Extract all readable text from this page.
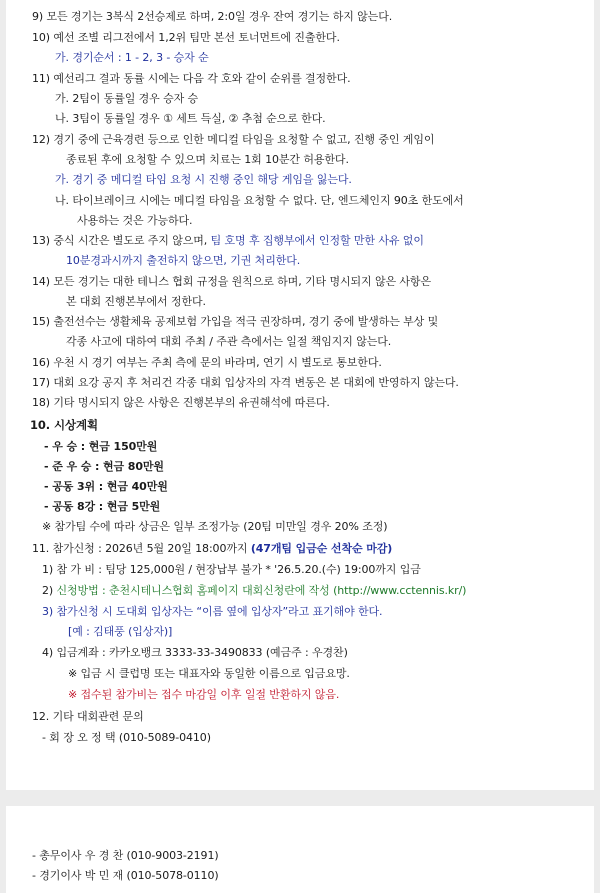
9) 모든 경기는 3복식 2선승제로 하며, 2:0일 경우 잔여 경기는 하지 않는다.
10) 예선 조별 리그전에서 1,2위 팀만 본선 토너먼트에 진출한다.
가. 경기순서 : 1 - 2, 3 - 승자 순
11) 예선리그 결과 동률 시에는 다음 각 호와 같이 순위를 결정한다.
가. 2팀이 동률일 경우 승자 승
나. 3팀이 동률일 경우 ① 세트 득실, ② 추첨 순으로 한다.
12) 경기 중에 근육경련 등으로 인한 메디컬 타임을 요청할 수 없고, 진행 중인 게임이
종료된 후에 요청할 수 있으며 치료는 1회 10분간 허용한다.
가. 경기 중 메디컬 타임 요청 시 진행 중인 해당 게임을 잃는다.
나. 타이브레이크 시에는 메디컬 타임을 요청할 수 없다. 단, 엔드체인지 90초 한도에서
사용하는 것은 가능하다.
13) 중식 시간은 별도로 주지 않으며, 팀 호명 후 집행부에서 인정할 만한 사유 없이
10분경과시까지 출전하지 않으면, 기권 처리한다.
14) 모든 경기는 대한 테니스 협회 규정을 원칙으로 하며, 기타 명시되지 않은 사항은
본 대회 진행본부에서 정한다.
15) 출전선수는 생활체육 공제보험 가입을 적극 권장하며, 경기 중에 발생하는 부상 및
각종 사고에 대하여 대회 주최 / 주관 측에서는 일절 책임지지 않는다.
16) 우천 시 경기 여부는 주최 측에 문의 바라며, 연기 시 별도로 통보한다.
17) 대회 요강 공지 후 처리건 각종 대회 입상자의 자격 변동은 본 대회에 반영하지 않는다.
18) 기타 명시되지 않은 사항은 진행본부의 유권해석에 따른다.
10. 시상계획
- 우 승 : 현금 150만원
- 준 우 승 : 현금 80만원
- 공동 3위 : 현금 40만원
- 공동 8강 : 현금 5만원
※ 참가팀 수에 따라 상금은 일부 조정가능 (20팀 미만일 경우 20% 조정)
11. 참가신청 : 2026년 5월 20일 18:00까지 (47개팀 입금순 선착순 마감)
1) 참 가 비 : 팀당 125,000원 / 현장납부 불가 * '26.5.20.(수) 19:00까지 입금
2) 신청방법 : 춘천시테니스협회 홈페이지 대회신청란에 작성 (http://www.cctennis.kr/)
3) 참가신청 시 도대회 입상자는 “이름 옆에 입상자”라고 표기해야 한다.
[예 : 김태풍 (입상자)]
4) 입금계좌 : 카카오뱅크 3333-33-3490833 (예금주 : 우경찬)
※ 입금 시 클럽명 또는 대표자와 동일한 이름으로 입금요망.
※ 접수된 참가비는 접수 마감일 이후 일절 반환하지 않음.
12. 기타 대회관련 문의
- 회 장 오 정 택 (010-5089-0410)
- 총무이사 우 경 찬 (010-9003-2191)
- 경기이사 박 민 재 (010-5078-0110)
